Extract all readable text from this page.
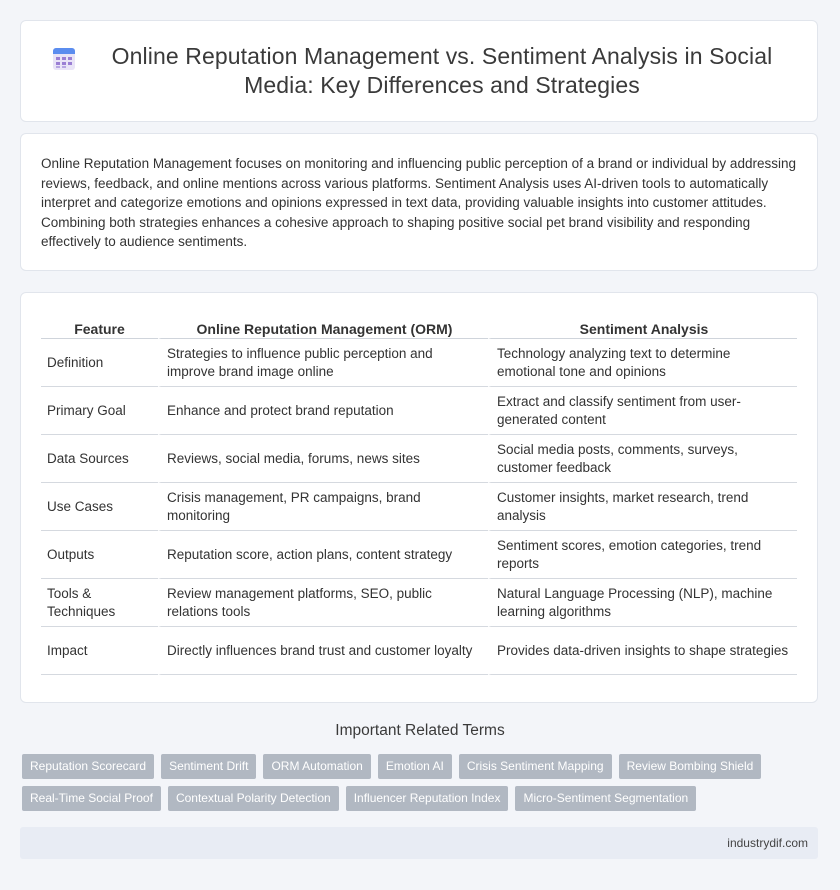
Online Reputation Management vs. Sentiment Analysis in Social Media: Key Differences and Strategies

Online Reputation Management focuses on monitoring and influencing public perception of a brand or individual by addressing reviews, feedback, and online mentions across various platforms. Sentiment Analysis uses AI-driven tools to automatically interpret and categorize emotions and opinions expressed in text data, providing valuable insights into customer attitudes. Combining both strategies enhances a cohesive approach to shaping positive social pet brand visibility and responding effectively to audience sentiments.

Feature	Online Reputation Management (ORM)	Sentiment Analysis
Definition	Strategies to influence public perception and improve brand image online	Technology analyzing text to determine emotional tone and opinions
Primary Goal	Enhance and protect brand reputation	Extract and classify sentiment from user-generated content
Data Sources	Reviews, social media, forums, news sites	Social media posts, comments, surveys, customer feedback
Use Cases	Crisis management, PR campaigns, brand monitoring	Customer insights, market research, trend analysis
Outputs	Reputation score, action plans, content strategy	Sentiment scores, emotion categories, trend reports
Tools & Techniques	Review management platforms, SEO, public relations tools	Natural Language Processing (NLP), machine learning algorithms
Impact	Directly influences brand trust and customer loyalty	Provides data-driven insights to shape strategies
Important Related Terms
Reputation Scorecard	Sentiment Drift	ORM Automation	Emotion AI	Crisis Sentiment Mapping	Review Bombing Shield
Real-Time Social Proof	Contextual Polarity Detection	Influencer Reputation Index	Micro-Sentiment Segmentation
industrydif.com
